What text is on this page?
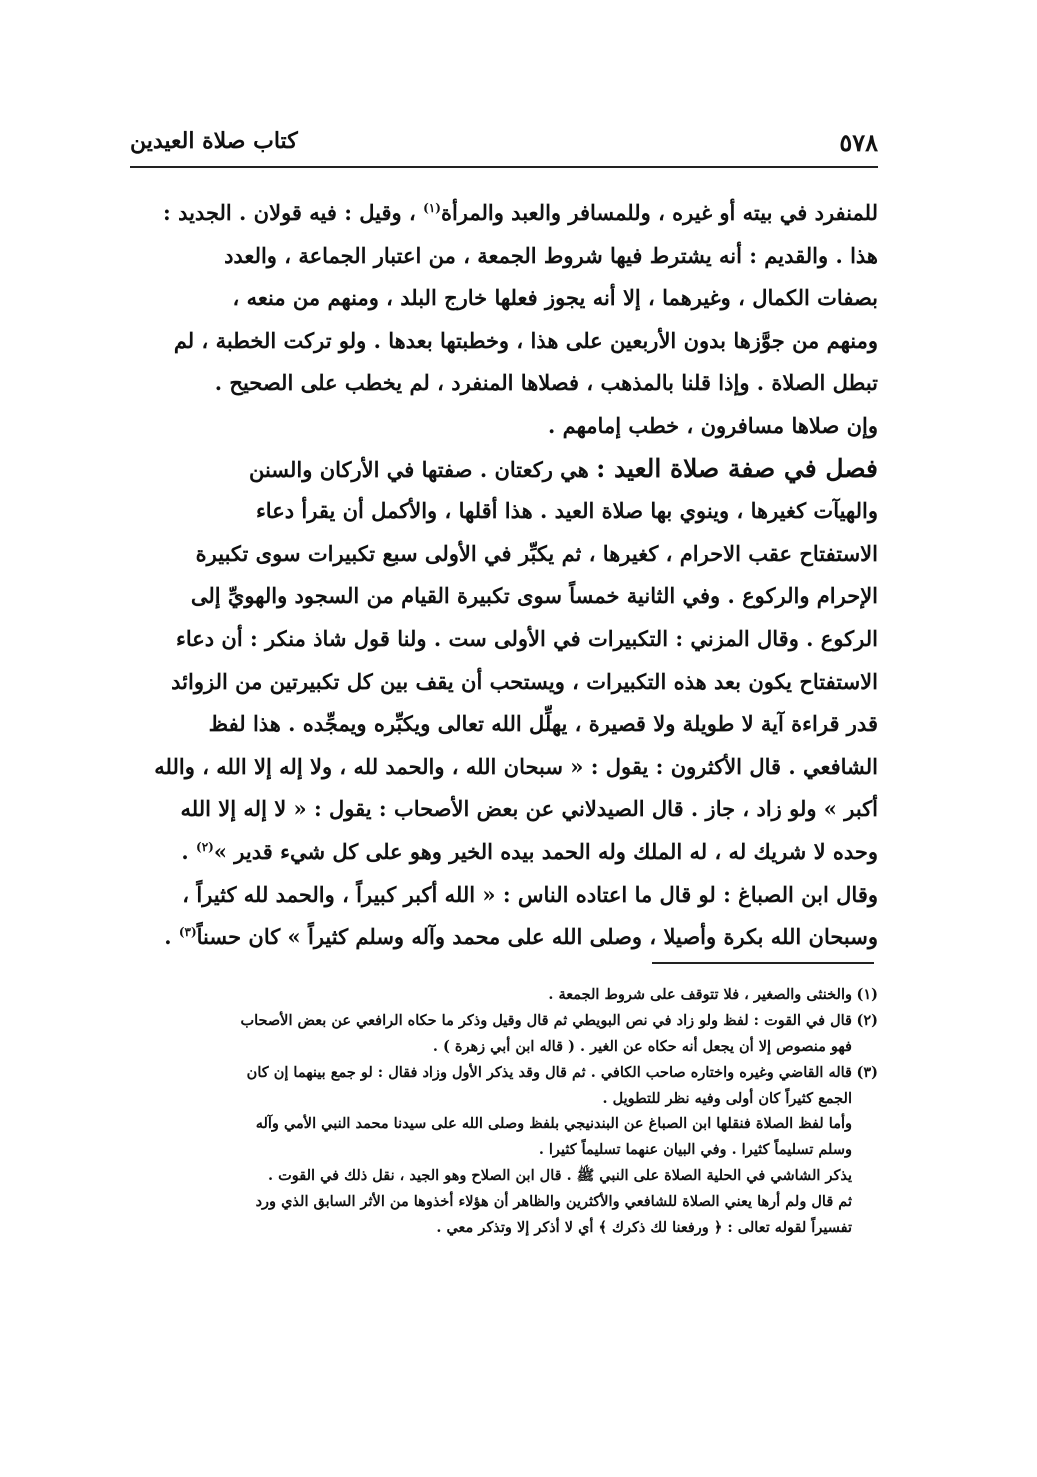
٥٧٨
كتاب صلاة العيدين
للمنفرد في بيته أو غيره ، وللمسافر والعبد والمرأة$^{(١)}$ ، وقيل : فيه قولان . الجديد :
هذا . والقديم : أنه يشترط فيها شروط الجمعة ، من اعتبار الجماعة ، والعدد
بصفات الكمال ، وغيرهما ، إلا أنه يجوز فعلها خارج البلد ، ومنهم من منعه ،
ومنهم من جوَّزها بدون الأربعين على هذا ، وخطبتها بعدها . ولو تركت الخطبة ، لم
تبطل الصلاة . وإذا قلنا بالمذهب ، فصلاها المنفرد ، لم يخطب على الصحيح .
وإن صلاها مسافرون ، خطب إمامهم .
فصل في صفة صلاة العيد : هي ركعتان . صفتها في الأركان والسنن
والهيآت كغيرها ، وينوي بها صلاة العيد . هذا أقلها ، والأكمل أن يقرأ دعاء
الاستفتاح عقب الاحرام ، كغيرها ، ثم يكبِّر في الأولى سبع تكبيرات سوى تكبيرة
الإحرام والركوع . وفي الثانية خمساً سوى تكبيرة القيام من السجود والهويِّ إلى
الركوع . وقال المزني : التكبيرات في الأولى ست . ولنا قول شاذ منكر : أن دعاء
الاستفتاح يكون بعد هذه التكبيرات ، ويستحب أن يقف بين كل تكبيرتين من الزوائد
قدر قراءة آية لا طويلة ولا قصيرة ، يهلِّل الله تعالى ويكبِّره ويمجِّده . هذا لفظ
الشافعي . قال الأكثرون : يقول : « سبحان الله ، والحمد لله ، ولا إله إلا الله ، والله
أكبر » ولو زاد ، جاز . قال الصيدلاني عن بعض الأصحاب : يقول : « لا إله إلا الله
وحده لا شريك له ، له الملك وله الحمد بيده الخير وهو على كل شيء قدير »$^{(٢)}$ .
وقال ابن الصباغ : لو قال ما اعتاده الناس : « الله أكبر كبيراً ، والحمد لله كثيراً ،
وسبحان الله بكرة وأصيلا ، وصلى الله على محمد وآله وسلم كثيراً » كان حسناً$^{(٣)}$ .
(١)والخنثى والصغير ، فلا تتوقف على شروط الجمعة .
(٢)قال في القوت : لفظ ولو زاد في نص البويطي ثم قال وقيل وذكر ما حكاه الرافعي عن بعض الأصحاب
فهو منصوص إلا أن يجعل أنه حكاه عن الغير . ( قاله ابن أبي زهرة ) .
(٣)قاله القاضي وغيره واختاره صاحب الكافي . ثم قال وقد يذكر الأول وزاد فقال : لو جمع بينهما إن كان
الجمع كثيراً كان أولى وفيه نظر للتطويل .
وأما لفظ الصلاة فنقلها ابن الصباغ عن البندنيجي بلفظ وصلى الله على سيدنا محمد النبي الأمي وآله
وسلم تسليماً كثيرا . وفي البيان عنهما تسليماً كثيرا .
يذكر الشاشي في الحلية الصلاة على النبي ﷺ . قال ابن الصلاح وهو الجيد ، نقل ذلك في القوت .
ثم قال ولم أرها يعني الصلاة للشافعي والأكثرين والظاهر أن هؤلاء أخذوها من الأثر السابق الذي ورد
تفسيراً لقوله تعالى : ﴿ ورفعنا لك ذكرك ﴾ أي لا أذكر إلا وتذكر معي .
